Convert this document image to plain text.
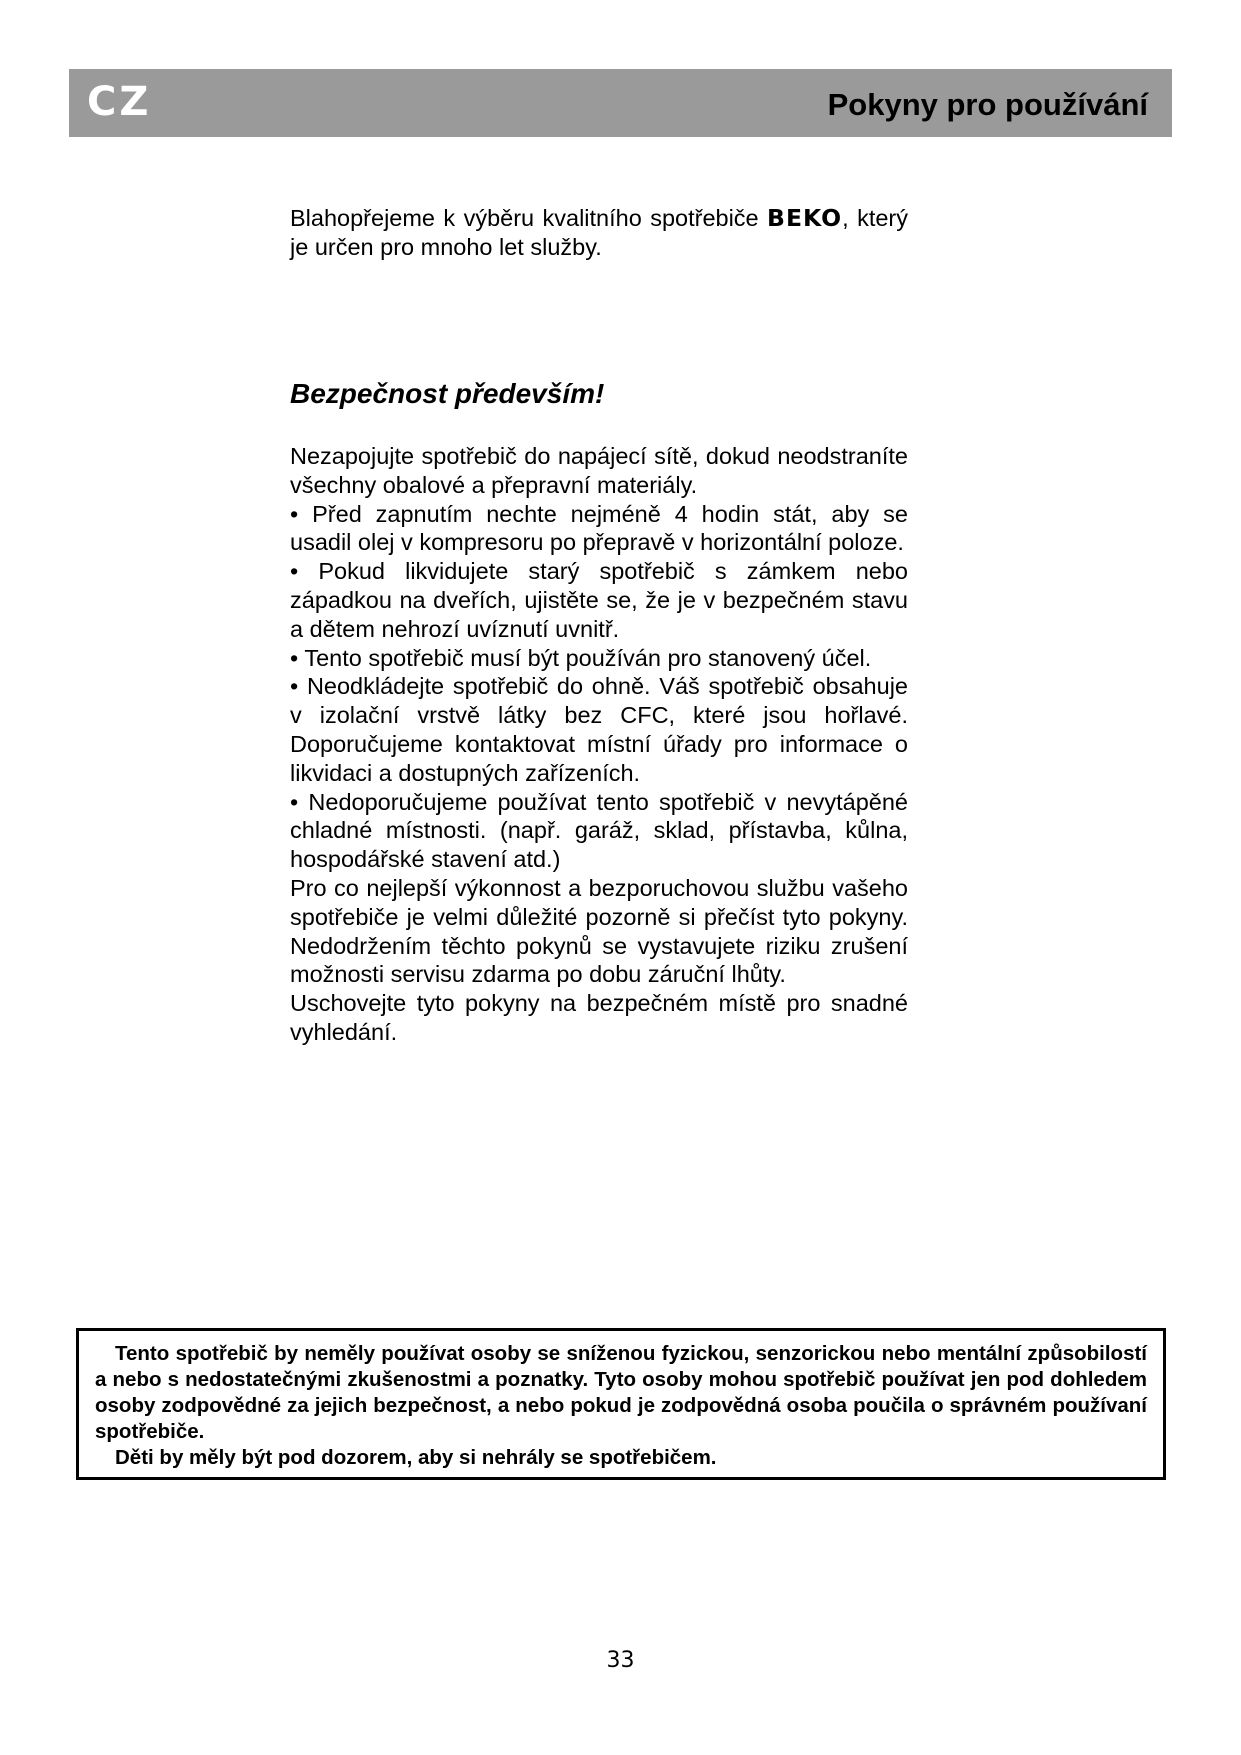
CZ	Pokyny pro používání
Blahopřejeme k výběru kvalitního spotřebiče BEKO, který je určen pro mnoho let služby.
Bezpečnost především!

Nezapojujte spotřebič do napájecí sítě, dokud neodstraníte všechny obalové a přepravní materiály.

• Před zapnutím nechte nejméně 4 hodin stát, aby se usadil olej v kompresoru po přepravě v horizontální poloze.

• Pokud likvidujete starý spotřebič s zámkem nebo západkou na dveřích, ujistěte se, že je v bezpečném stavu a dětem nehrozí uvíznutí uvnitř.

• Tento spotřebič musí být používán pro stanovený účel.

• Neodkládejte spotřebič do ohně. Váš spotřebič obsahuje v izolační vrstvě látky bez CFC, které jsou hořlavé. Doporučujeme kontaktovat místní úřady pro informace o likvidaci a dostupných zařízeních.

• Nedoporučujeme používat tento spotřebič v nevytápěné chladné místnosti. (např. garáž, sklad, přístavba, kůlna, hospodářské stavení atd.)

Pro co nejlepší výkonnost a bezporuchovou službu vašeho spotřebiče je velmi důležité pozorně si přečíst tyto pokyny. Nedodržením těchto pokynů se vystavujete riziku zrušení možnosti servisu zdarma po dobu záruční lhůty.

Uschovejte tyto pokyny na bezpečném místě pro snadné vyhledání.

Tento spotřebič by neměly používat osoby se sníženou fyzickou, senzorickou nebo mentální způsobilostí a nebo s nedostatečnými zkušenostmi a poznatky. Tyto osoby mohou spotřebič používat jen pod dohledem osoby zodpovědné za jejich bezpečnost, a nebo pokud je zodpovědná osoba poučila o správném používaní spotřebiče.

Děti by měly být pod dozorem, aby si nehrály se spotřebičem.

33
